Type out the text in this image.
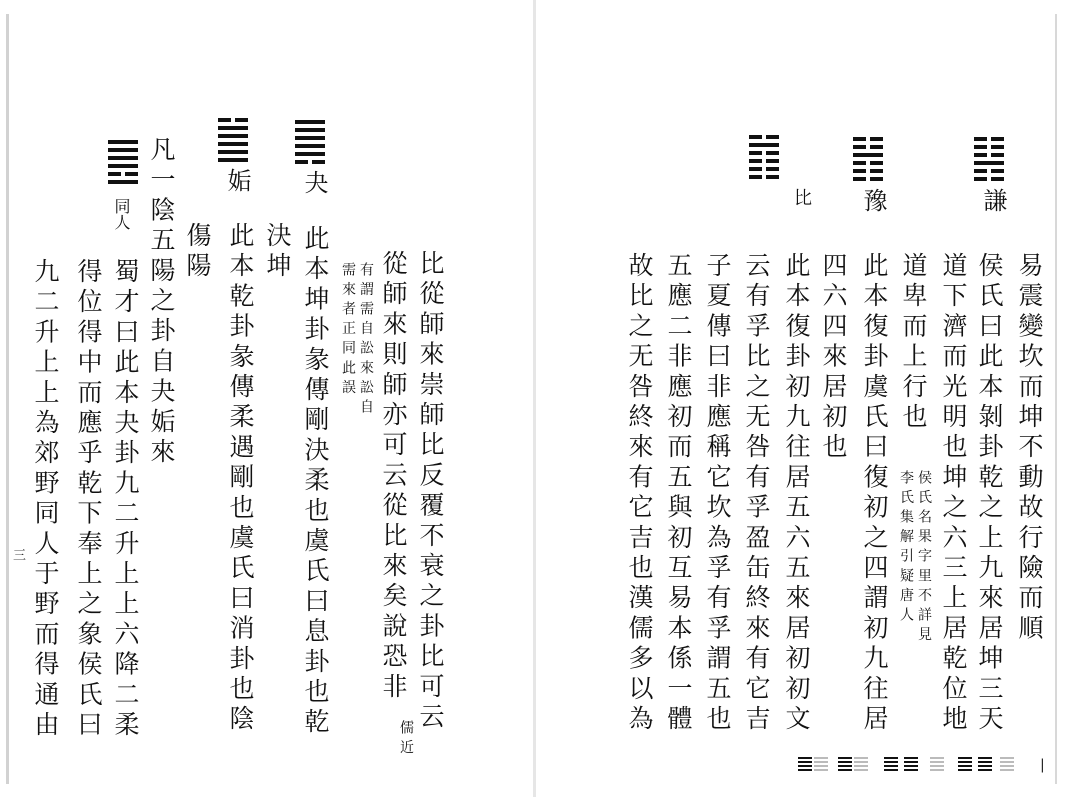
夬
姤
同人
比從師來崇師比反覆不衰之卦比可云
從師來則師亦可云從比來矣說恐非
儒近
有謂需自訟來訟自
需來者正同此誤
此本坤卦彖傳剛決柔也虞氏曰息卦也乾
決坤
此本乾卦彖傳柔遇剛也虞氏曰消卦也陰
傷陽
凡一陰五陽之卦自夬姤來
蜀才曰此本夬卦九二升上上六降二柔
得位得中而應乎乾下奉上之象侯氏曰
九二升上上為郊野同人于野而得通由
三
謙
豫
比
易震變坎而坤不動故行險而順
侯氏曰此本剝卦乾之上九來居坤三天
道下濟而光明也坤之六三上居乾位地
道卑而上行也
侯氏名果字里不詳見
李氏集解引疑唐人
此本復卦虞氏曰復初之四謂初九往居
四六四來居初也
此本復卦初九往居五六五來居初初文
云有孚比之无咎有孚盈缶終來有它吉
子夏傳曰非應稱它坎為孚有孚謂五也
五應二非應初而五與初互易本係一體
故比之无咎終來有它吉也漢儒多以為
|
